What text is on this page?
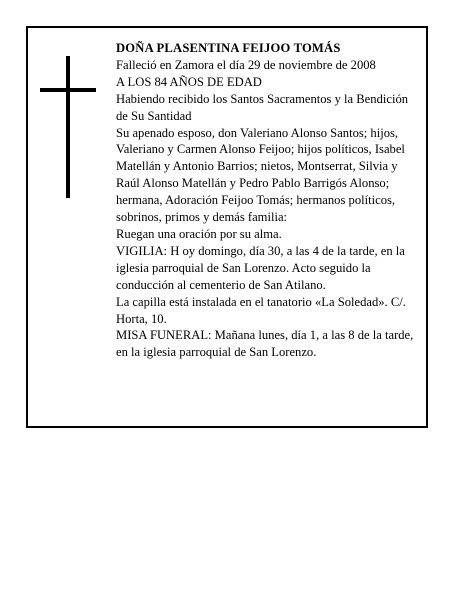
DOÑA PLASENTINA FEIJOO TOMÁS

Falleció en Zamora el día 29 de noviembre de 2008

A LOS 84 AÑOS DE EDAD

Habiendo recibido los Santos Sacramentos y la Bendición de Su Santidad

Su apenado esposo, don Valeriano Alonso Santos; hijos, Valeriano y Carmen Alonso Feijoo; hijos políticos, Isabel Matellán y Antonio Barrios; nietos, Montserrat, Silvia y Raúl Alonso Matellán y Pedro Pablo Barrigós Alonso; hermana, Adoración Feijoo Tomás; hermanos políticos, sobrinos, primos y demás familia:

Ruegan una oración por su alma.

VIGILIA: H oy domingo, día 30, a las 4 de la tarde, en la iglesia parroquial de San Lorenzo. Acto seguido la conducción al cementerio de San Atilano.

La capilla está instalada en el tanatorio «La Soledad». C/. Horta, 10.

MISA FUNERAL: Mañana lunes, día 1, a las 8 de la tarde, en la iglesia parroquial de San Lorenzo.
